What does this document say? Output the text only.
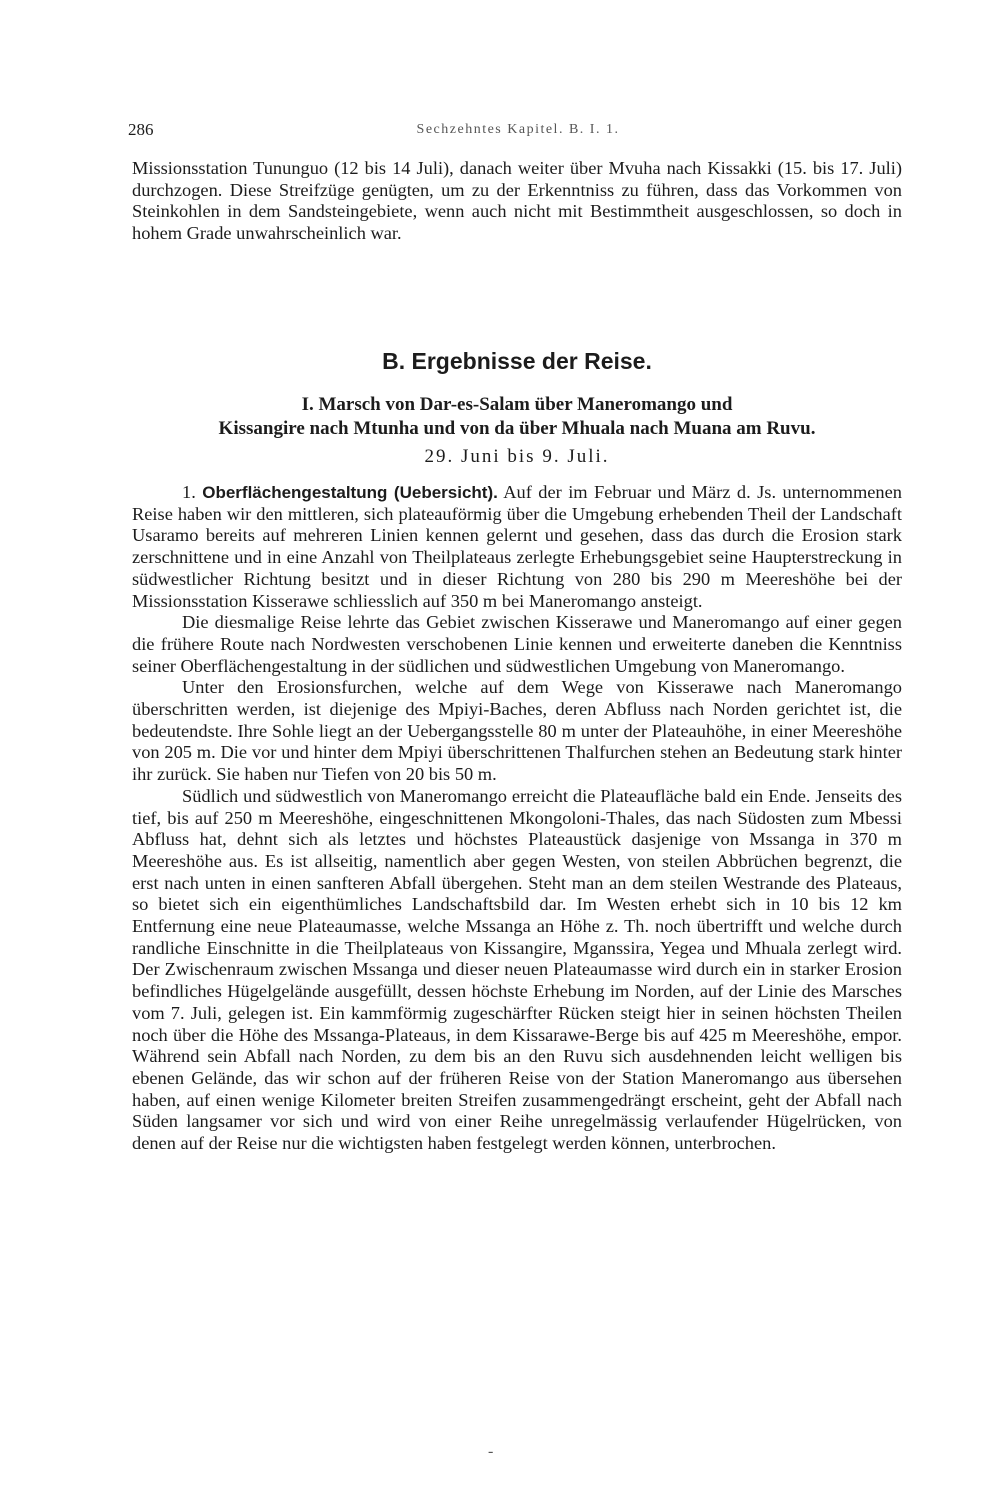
286	Sechzehntes Kapitel. B. I. 1.

Missionsstation Tununguo (12 bis 14 Juli), danach weiter über Mvuha nach Kissakki (15. bis 17. Juli) durchzogen. Diese Streifzüge genügten, um zu der Erkenntniss zu führen, dass das Vorkommen von Steinkohlen in dem Sandsteingebiete, wenn auch nicht mit Bestimmtheit ausgeschlossen, so doch in hohem Grade unwahrscheinlich war.

B. Ergebnisse der Reise.
I. Marsch von Dar-es-Salam über Maneromango und
Kissangire nach Mtunha und von da über Mhuala nach Muana am Ruvu.
29. Juni bis 9. Juli.

1. Oberflächengestaltung (Uebersicht). Auf der im Februar und März d. Js. unternommenen Reise haben wir den mittleren, sich plateauförmig über die Umgebung erhebenden Theil der Landschaft Usaramo bereits auf mehreren Linien kennen gelernt und gesehen, dass das durch die Erosion stark zerschnittene und in eine Anzahl von Theilplateaus zerlegte Erhebungsgebiet seine Haupterstreckung in südwestlicher Richtung besitzt und in dieser Richtung von 280 bis 290 m Meereshöhe bei der Missionsstation Kisserawe schliesslich auf 350 m bei Maneromango ansteigt.

Die diesmalige Reise lehrte das Gebiet zwischen Kisserawe und Maneromango auf einer gegen die frühere Route nach Nordwesten verschobenen Linie kennen und erweiterte daneben die Kenntniss seiner Oberflächengestaltung in der südlichen und südwestlichen Umgebung von Maneromango.

Unter den Erosionsfurchen, welche auf dem Wege von Kisserawe nach Maneromango überschritten werden, ist diejenige des Mpiyi-Baches, deren Abfluss nach Norden gerichtet ist, die bedeutendste. Ihre Sohle liegt an der Uebergangsstelle 80 m unter der Plateauhöhe, in einer Meereshöhe von 205 m. Die vor und hinter dem Mpiyi überschrittenen Thalfurchen stehen an Bedeutung stark hinter ihr zurück. Sie haben nur Tiefen von 20 bis 50 m.

Südlich und südwestlich von Maneromango erreicht die Plateaufläche bald ein Ende. Jenseits des tief, bis auf 250 m Meereshöhe, eingeschnittenen Mkongoloni-Thales, das nach Südosten zum Mbessi Abfluss hat, dehnt sich als letztes und höchstes Plateaustück dasjenige von Mssanga in 370 m Meereshöhe aus. Es ist allseitig, namentlich aber gegen Westen, von steilen Abbrüchen begrenzt, die erst nach unten in einen sanfteren Abfall übergehen. Steht man an dem steilen Westrande des Plateaus, so bietet sich ein eigenthümliches Landschaftsbild dar. Im Westen erhebt sich in 10 bis 12 km Entfernung eine neue Plateaumasse, welche Mssanga an Höhe z. Th. noch übertrifft und welche durch randliche Einschnitte in die Theilplateaus von Kissangire, Mganssira, Yegea und Mhuala zerlegt wird. Der Zwischenraum zwischen Mssanga und dieser neuen Plateaumasse wird durch ein in starker Erosion befindliches Hügelgelände ausgefüllt, dessen höchste Erhebung im Norden, auf der Linie des Marsches vom 7. Juli, gelegen ist. Ein kammförmig zugeschärfter Rücken steigt hier in seinen höchsten Theilen noch über die Höhe des Mssanga-Plateaus, in dem Kissarawe-Berge bis auf 425 m Meereshöhe, empor. Während sein Abfall nach Norden, zu dem bis an den Ruvu sich ausdehnenden leicht welligen bis ebenen Gelände, das wir schon auf der früheren Reise von der Station Maneromango aus übersehen haben, auf einen wenige Kilometer breiten Streifen zusammengedrängt erscheint, geht der Abfall nach Süden langsamer vor sich und wird von einer Reihe unregelmässig verlaufender Hügelrücken, von denen auf der Reise nur die wichtigsten haben festgelegt werden können, unterbrochen.

-
